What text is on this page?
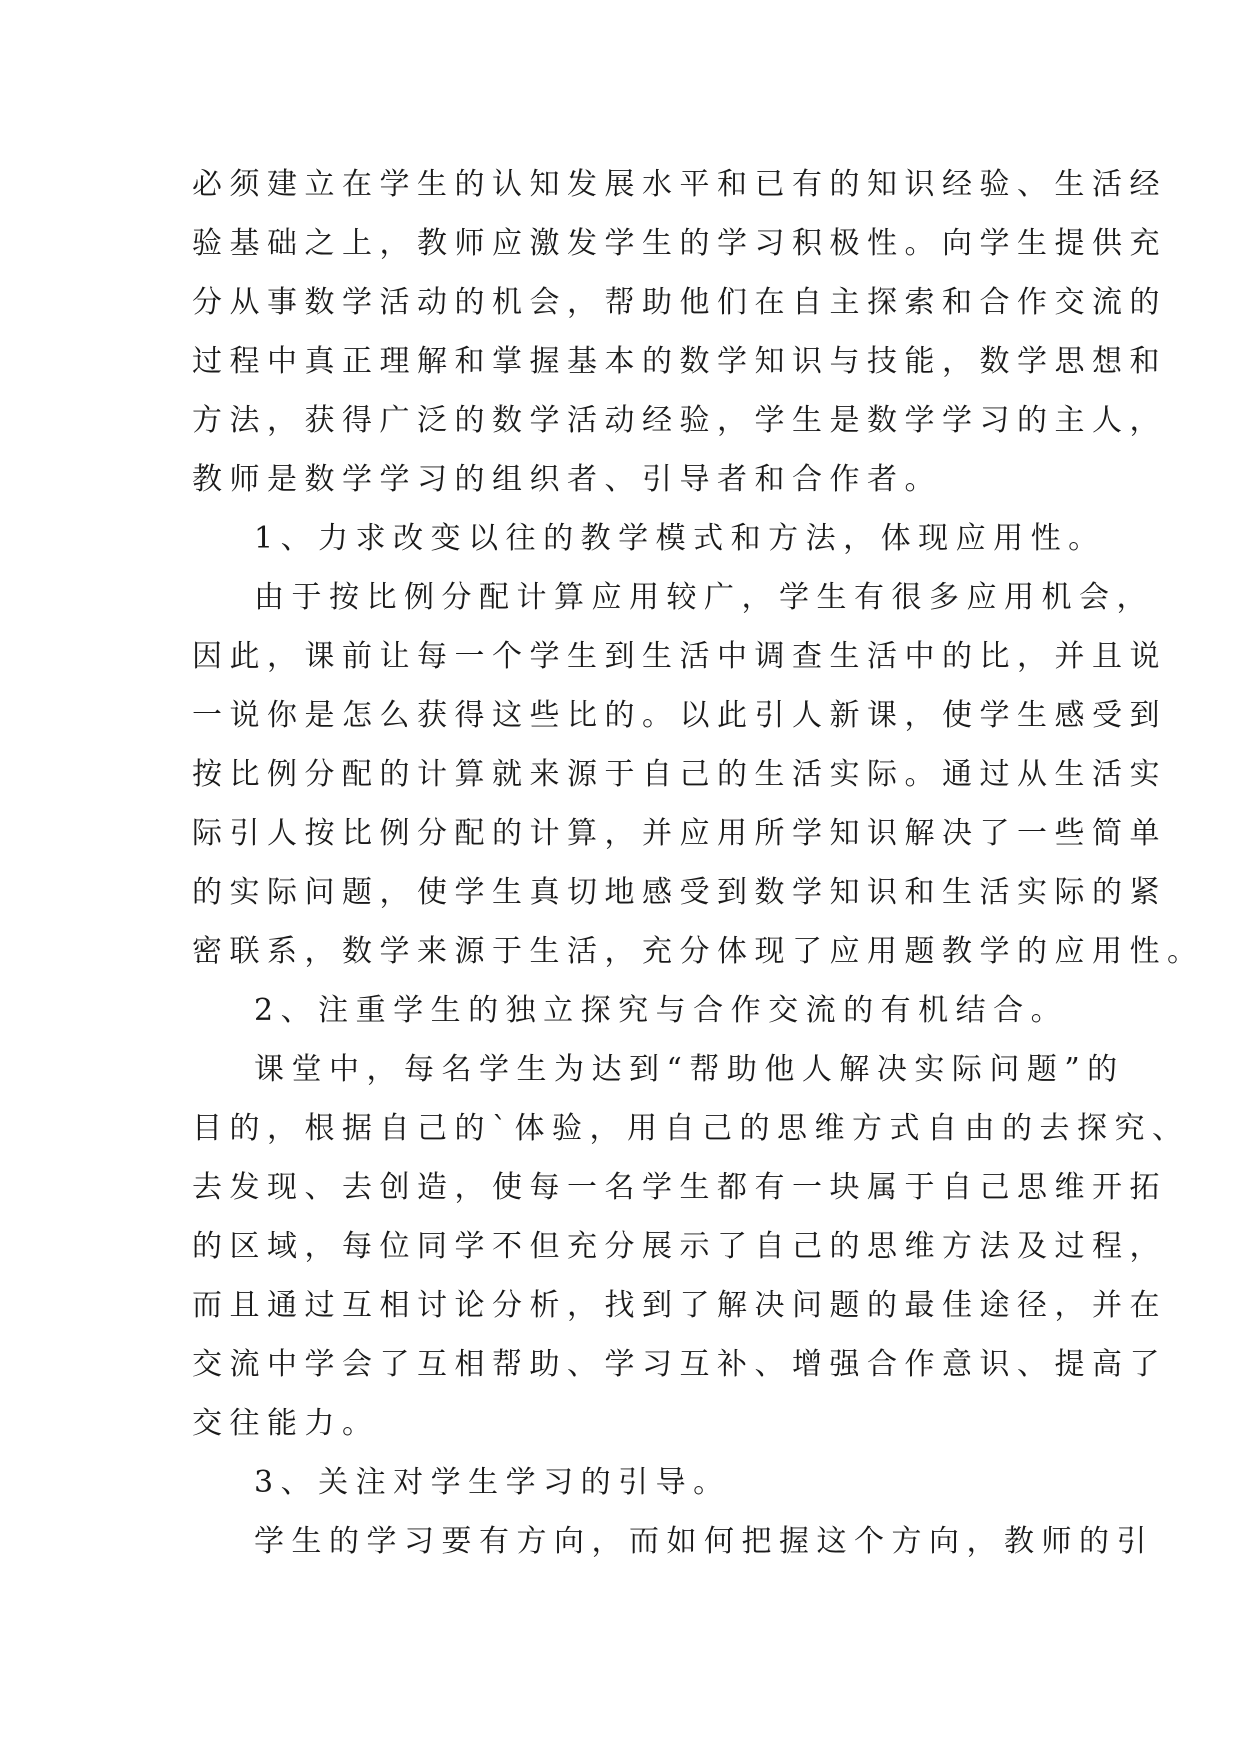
必须建立在学生的认知发展水平和已有的知识经验、生活经
验基础之上，教师应激发学生的学习积极性。向学生提供充
分从事数学活动的机会，帮助他们在自主探索和合作交流的
过程中真正理解和掌握基本的数学知识与技能，数学思想和
方法，获得广泛的数学活动经验，学生是数学学习的主人，
教师是数学学习的组织者、引导者和合作者。
1、力求改变以往的教学模式和方法，体现应用性。
由于按比例分配计算应用较广，学生有很多应用机会，
因此，课前让每一个学生到生活中调查生活中的比，并且说
一说你是怎么获得这些比的。以此引人新课，使学生感受到
按比例分配的计算就来源于自己的生活实际。通过从生活实
际引人按比例分配的计算，并应用所学知识解决了一些简单
的实际问题，使学生真切地感受到数学知识和生活实际的紧
密联系，数学来源于生活，充分体现了应用题教学的应用性。
2、注重学生的独立探究与合作交流的有机结合。
课堂中，每名学生为达到“帮助他人解决实际问题”的
目的，根据自己的`体验，用自己的思维方式自由的去探究、
去发现、去创造，使每一名学生都有一块属于自己思维开拓
的区域，每位同学不但充分展示了自己的思维方法及过程，
而且通过互相讨论分析，找到了解决问题的最佳途径，并在
交流中学会了互相帮助、学习互补、增强合作意识、提高了
交往能力。
3、关注对学生学习的引导。
学生的学习要有方向，而如何把握这个方向，教师的引
